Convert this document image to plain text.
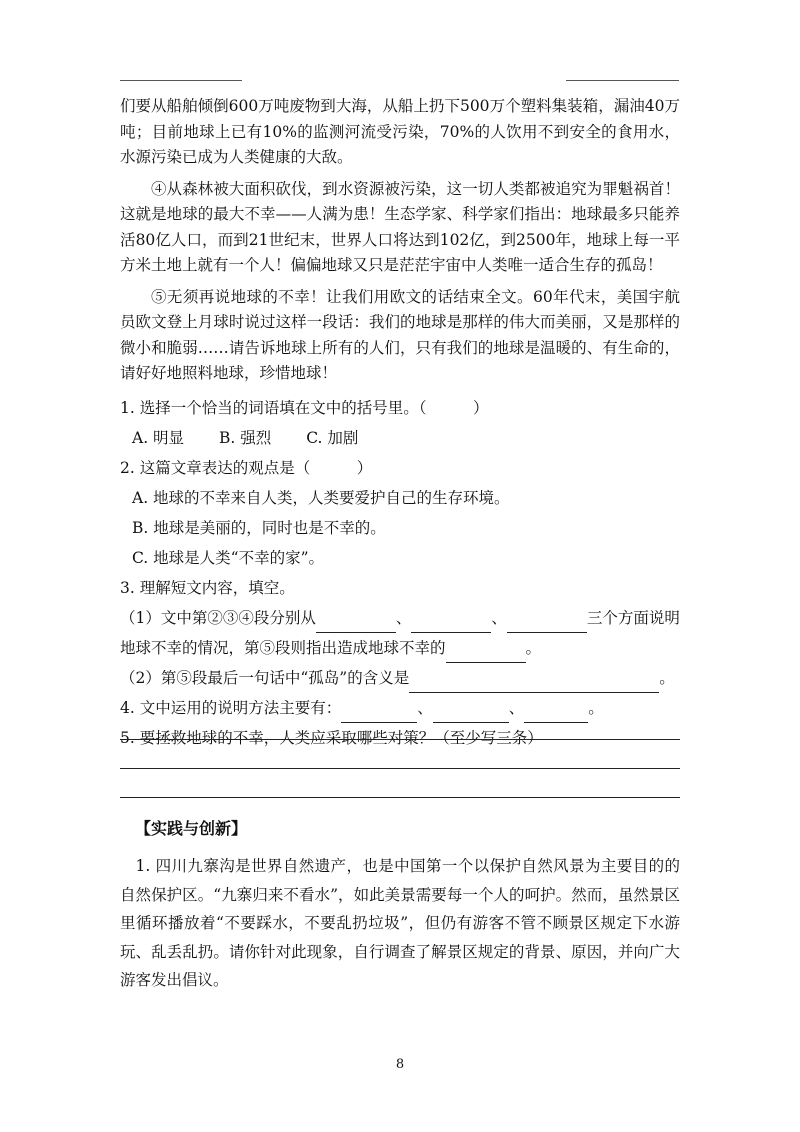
们要从船舶倾倒600万吨废物到大海，从船上扔下500万个塑料集装箱，漏油40万吨；目前地球上已有10%的监测河流受污染，70%的人饮用不到安全的食用水，水源污染已成为人类健康的大敌。

④从森林被大面积砍伐，到水资源被污染，这一切人类都被追究为罪魁祸首！这就是地球的最大不幸——人满为患！生态学家、科学家们指出：地球最多只能养活80亿人口，而到21世纪末，世界人口将达到102亿，到2500年，地球上每一平方米土地上就有一个人！偏偏地球又只是茫茫宇宙中人类唯一适合生存的孤岛！

⑤无须再说地球的不幸！让我们用欧文的话结束全文。60年代末，美国宇航员欧文登上月球时说过这样一段话：我们的地球是那样的伟大而美丽，又是那样的微小和脆弱……请告诉地球上所有的人们，只有我们的地球是温暖的、有生命的，请好好地照料地球，珍惜地球！

1. 选择一个恰当的词语填在文中的括号里。（　　　）
A. 明显 B. 强烈 C. 加剧
2. 这篇文章表达的观点是（　　　）

A. 地球的不幸来自人类，人类要爱护自己的生存环境。

B. 地球是美丽的，同时也是不幸的。

C. 地球是人类“不幸的家”。

3. 理解短文内容，填空。

（1）文中第②③④段分别从	、	、	三个方面说明

地球不幸的情况，第⑤段则指出造成地球不幸的	。

（2）第⑤段最后一句话中“孤岛”的含义是	。

4. 文中运用的说明方法主要有：	、	、	。

5. 要拯救地球的不幸，人类应采取哪些对策？（至少写三条）
【实践与创新】

1. 四川九寨沟是世界自然遗产，也是中国第一个以保护自然风景为主要目的的自然保护区。“九寨归来不看水”，如此美景需要每一个人的呵护。然而，虽然景区里循环播放着“不要踩水，不要乱扔垃圾”，但仍有游客不管不顾景区规定下水游玩、乱丢乱扔。请你针对此现象，自行调查了解景区规定的背景、原因，并向广大游客发出倡议。

8
